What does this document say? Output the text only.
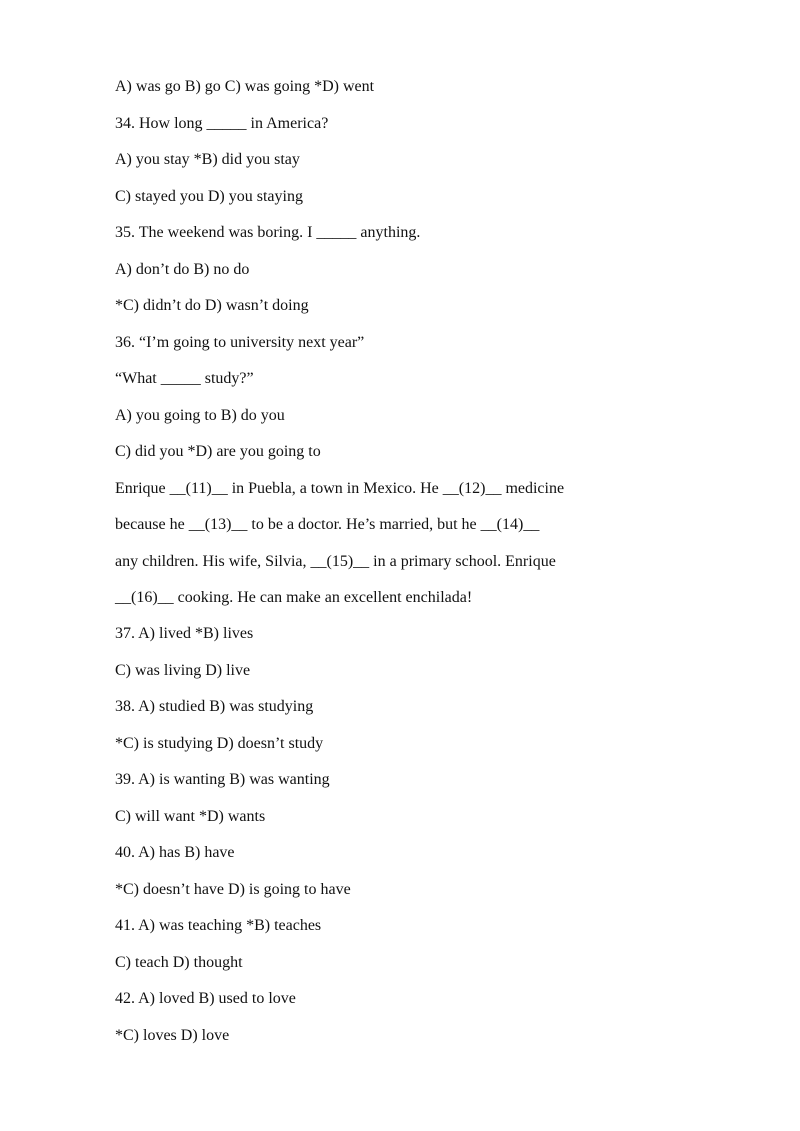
A) was go B) go C) was going *D) went
34. How long _____ in America?
A) you stay *B) did you stay
C) stayed you D) you staying
35. The weekend was boring. I _____ anything.
A) don’t do B) no do
*C) didn’t do D) wasn’t doing
36. “I’m going to university next year”
“What _____ study?”
A) you going to B) do you
C) did you *D) are you going to
Enrique __(11)__ in Puebla, a town in Mexico. He __(12)__ medicine
because he __(13)__ to be a doctor. He’s married, but he __(14)__
any children. His wife, Silvia, __(15)__ in a primary school. Enrique
__(16)__ cooking. He can make an excellent enchilada!
37. A) lived *B) lives
C) was living D) live
38. A) studied B) was studying
*C) is studying D) doesn’t study
39. A) is wanting B) was wanting
C) will want *D) wants
40. A) has B) have
*C) doesn’t have D) is going to have
41. A) was teaching *B) teaches
C) teach D) thought
42. A) loved B) used to love
*C) loves D) love
